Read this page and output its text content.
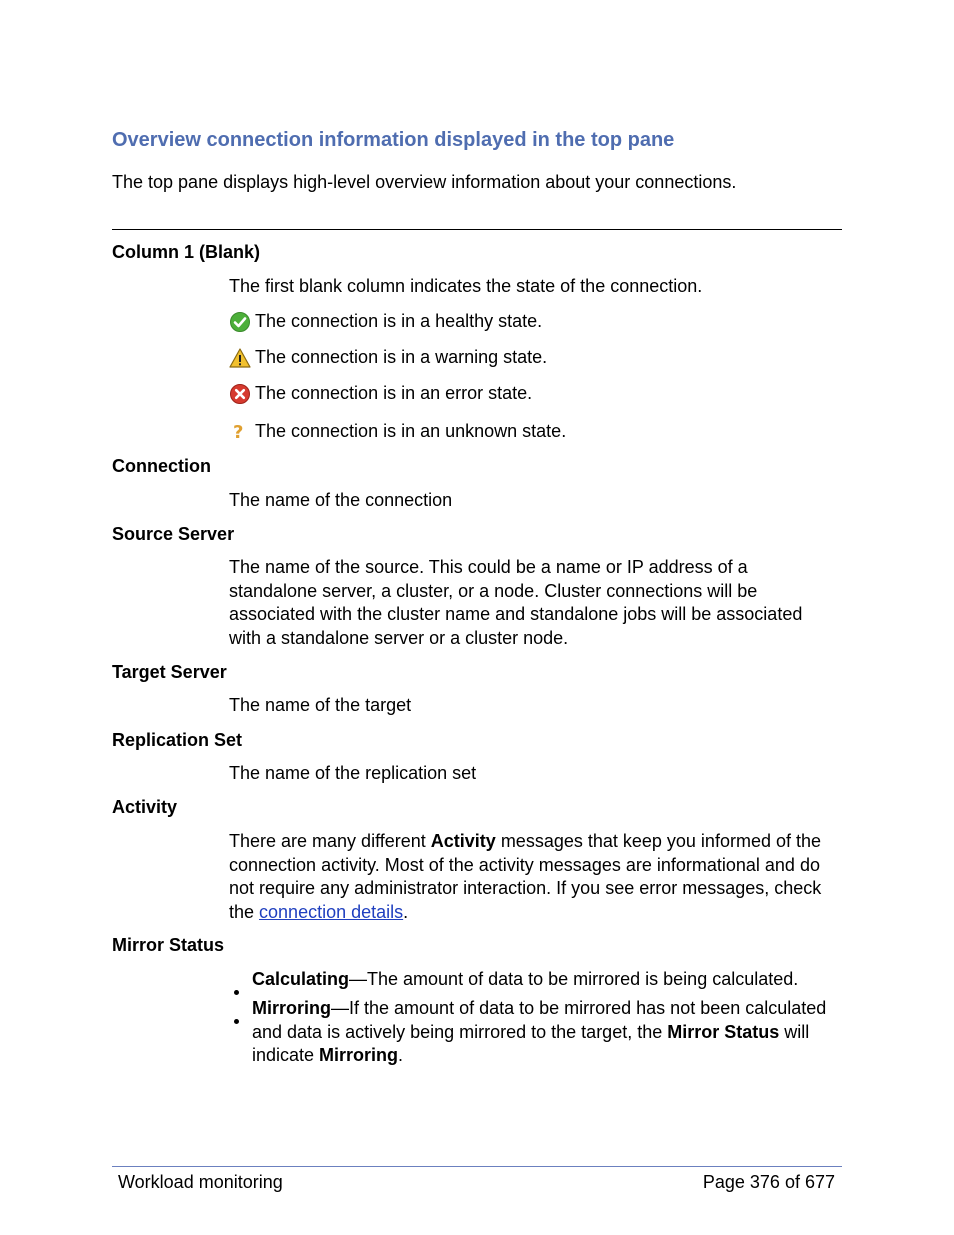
Overview connection information displayed in the top pane
The top pane displays high-level overview information about your connections.
Column 1 (Blank)
The first blank column indicates the state of the connection.
The connection is in a healthy state.
The connection is in a warning state.
The connection is in an error state.
? The connection is in an unknown state.
Connection
The name of the connection
Source Server
The name of the source. This could be a name or IP address of a
standalone server, a cluster, or a node. Cluster connections will be
associated with the cluster name and standalone jobs will be associated
with a standalone server or a cluster node.
Target Server
The name of the target
Replication Set
The name of the replication set
Activity
There are many different Activity messages that keep you informed of the
connection activity. Most of the activity messages are informational and do
not require any administrator interaction. If you see error messages, check
the connection details.
Mirror Status
Calculating—The amount of data to be mirrored is being calculated.
Mirroring—If the amount of data to be mirrored has not been calculated
and data is actively being mirrored to the target, the Mirror Status will
indicate Mirroring.
Workload monitoring	Page 376 of 677
